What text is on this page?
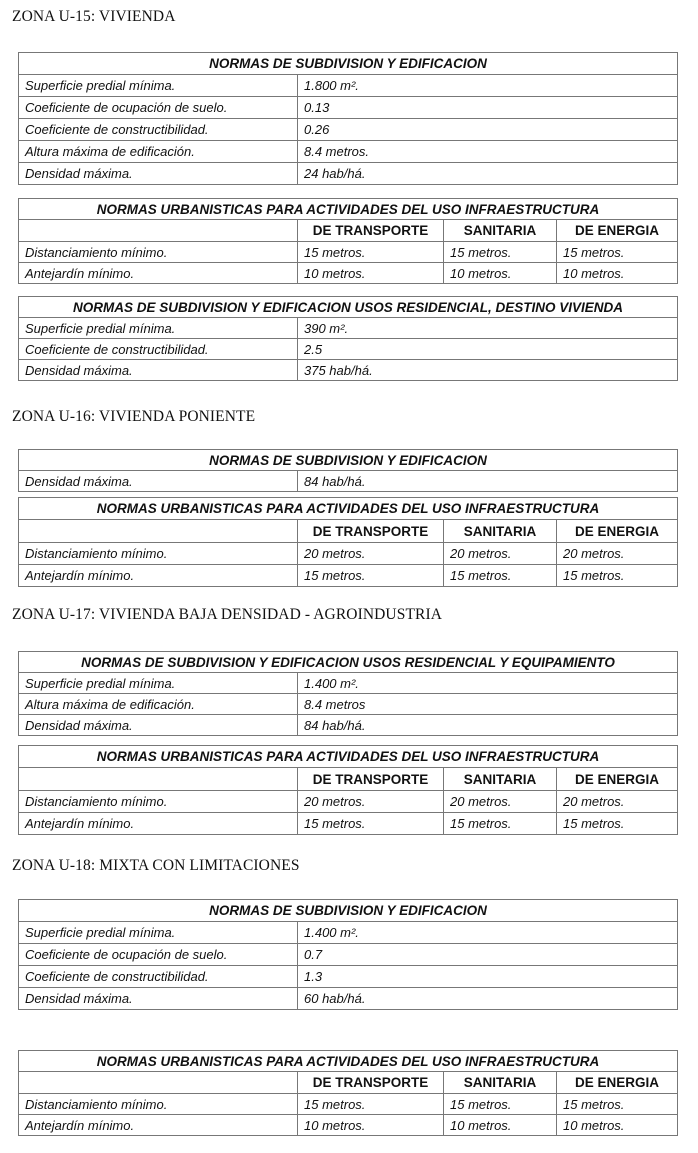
ZONA U-15: VIVIENDA
NORMAS DE SUBDIVISION Y EDIFICACION	
Superficie predial mínima.	1.800 m².
Coeficiente de ocupación de suelo.	0.13
Coeficiente de constructibilidad.	0.26
Altura máxima de edificación.	8.4 metros.
Densidad máxima.	24 hab/há.
NORMAS URBANISTICAS PARA ACTIVIDADES DEL USO INFRAESTRUCTURA			
	DE TRANSPORTE	SANITARIA	DE ENERGIA
Distanciamiento mínimo.	15 metros.	15 metros.	15 metros.
Antejardín mínimo.	10 metros.	10 metros.	10 metros.
NORMAS DE SUBDIVISION Y EDIFICACION USOS RESIDENCIAL, DESTINO VIVIENDA	
Superficie predial mínima.	390 m².
Coeficiente de constructibilidad.	2.5
Densidad máxima.	375 hab/há.
ZONA U-16: VIVIENDA PONIENTE
NORMAS DE SUBDIVISION Y EDIFICACION
Densidad máxima.	84 hab/há.
NORMAS URBANISTICAS PARA ACTIVIDADES DEL USO INFRAESTRUCTURA			
	DE TRANSPORTE	SANITARIA	DE ENERGIA
Distanciamiento mínimo.	20 metros.	20 metros.	20 metros.
Antejardín mínimo.	15 metros.	15 metros.	15 metros.
ZONA U-17: VIVIENDA BAJA DENSIDAD - AGROINDUSTRIA
NORMAS DE SUBDIVISION Y EDIFICACION USOS RESIDENCIAL Y EQUIPAMIENTO	
Superficie predial mínima.	1.400 m².
Altura máxima de edificación.	8.4 metros
Densidad máxima.	84 hab/há.
NORMAS URBANISTICAS PARA ACTIVIDADES DEL USO INFRAESTRUCTURA			
	DE TRANSPORTE	SANITARIA	DE ENERGIA
Distanciamiento mínimo.	20 metros.	20 metros.	20 metros.
Antejardín mínimo.	15 metros.	15 metros.	15 metros.
ZONA U-18: MIXTA CON LIMITACIONES
NORMAS DE SUBDIVISION Y EDIFICACION	
Superficie predial mínima.	1.400 m².
Coeficiente de ocupación de suelo.	0.7
Coeficiente de constructibilidad.	1.3
Densidad máxima.	60 hab/há.
NORMAS URBANISTICAS PARA ACTIVIDADES DEL USO INFRAESTRUCTURA			
	DE TRANSPORTE	SANITARIA	DE ENERGIA
Distanciamiento mínimo.	15 metros.	15 metros.	15 metros.
Antejardín mínimo.	10 metros.	10 metros.	10 metros.
